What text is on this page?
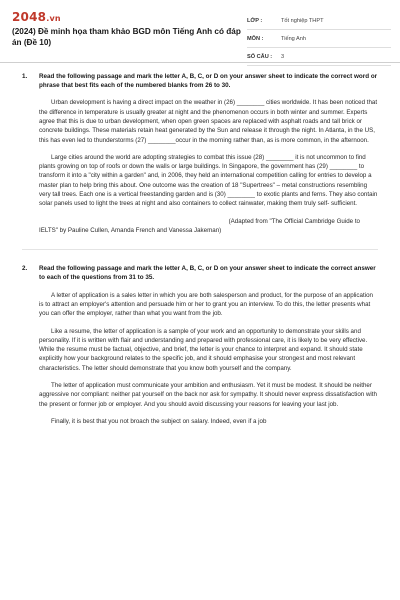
2048.vn
(2024) Đề minh họa tham khảo BGD môn Tiếng Anh có đáp án (Đề 10)
LỚP :	Tốt nghiệp THPT
MÔN :	Tiếng Anh
SỐ CÂU :	3
1.	Read the following passage and mark the letter A, B, C, or D on your answer sheet to indicate the correct word or phrase that best fits each of the numbered blanks from 26 to 30.

Urban development is having a direct impact on the weather in (26) ________ cities worldwide. It has been noticed that the difference in temperature is usually greater at night and the phenomenon occurs in both winter and summer. Experts agree that this is due to urban development, when open green spaces are replaced with asphalt roads and tall brick or concrete buildings. These materials retain heat generated by the Sun and release it through the night. In Atlanta, in the US, this has even led to thunderstorms (27) ________occur in the morning rather than, as is more common, in the afternoon.

Large cities around the world are adopting strategies to combat this issue (28) ________ it is not uncommon to find plants growing on top of roofs or down the walls or large buildings. In Singapore, the government has (29) ________ to transform it into a "city within a garden" and, in 2006, they held an international competition calling for entries to develop a master plan to help bring this about. One outcome was the creation of 18 "Supertrees" – metal constructions resembling very tall trees. Each one is a vertical freestanding garden and is (30) ________ to exotic plants and ferns. They also contain solar panels used to light the trees at night and also containers to collect rainwater, making them truly self- sufficient.

(Adapted from "The Official Cambridge Guide to
IELTS" by Pauline Cullen, Amanda French and Vanessa Jakeman)
2.	Read the following passage and mark the letter A, B, C, or D on your answer sheet to indicate the correct answer to each of the questions from 31 to 35.

A letter of application is a sales letter in which you are both salesperson and product, for the purpose of an application is to attract an employer's attention and persuade him or her to grant you an interview. To do this, the letter presents what you can offer the employer, rather than what you want from the job.

Like a resume, the letter of application is a sample of your work and an opportunity to demonstrate your skills and personality. If it is written with flair and understanding and prepared with professional care, it is likely to be very effective. While the resume must be factual, objective, and brief, the letter is your chance to interpret and expand. It should state explicitly how your background relates to the specific job, and it should emphasise your strongest and most relevant characteristics. The letter should demonstrate that you know both yourself and the company.

The letter of application must communicate your ambition and enthusiasm. Yet it must be modest. It should be neither aggressive nor compliant: neither pat yourself on the back nor ask for sympathy. It should never express dissatisfaction with the present or former job or employer. And you should avoid discussing your reasons for leaving your last job.

Finally, it is best that you not broach the subject on salary. Indeed, even if a job
